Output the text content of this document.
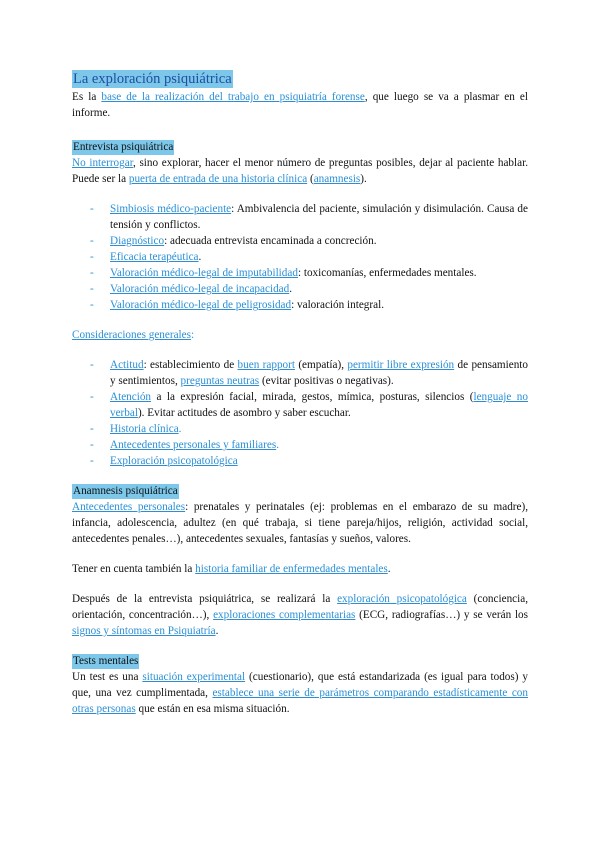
La exploración psiquiátrica

Es la base de la realización del trabajo en psiquiatría forense, que luego se va a plasmar en el informe.

Entrevista psiquiátrica

No interrogar, sino explorar, hacer el menor número de preguntas posibles, dejar al paciente hablar. Puede ser la puerta de entrada de una historia clínica (anamnesis).

- Simbiosis médico-paciente: Ambivalencia del paciente, simulación y disimulación. Causa de tensión y conflictos.
- Diagnóstico: adecuada entrevista encaminada a concreción.
- Eficacia terapéutica.
- Valoración médico-legal de imputabilidad: toxicomanías, enfermedades mentales.
- Valoración médico-legal de incapacidad.
- Valoración médico-legal de peligrosidad: valoración integral.

Consideraciones generales:

- Actitud: establecimiento de buen rapport (empatía), permitir libre expresión de pensamiento y sentimientos, preguntas neutras (evitar positivas o negativas).
- Atención a la expresión facial, mirada, gestos, mímica, posturas, silencios (lenguaje no verbal). Evitar actitudes de asombro y saber escuchar.
- Historia clínica.
- Antecedentes personales y familiares.
- Exploración psicopatológica
Anamnesis psiquiátrica

Antecedentes personales: prenatales y perinatales (ej: problemas en el embarazo de su madre), infancia, adolescencia, adultez (en qué trabaja, si tiene pareja/hijos, religión, actividad social, antecedentes penales…), antecedentes sexuales, fantasías y sueños, valores.

Tener en cuenta también la historia familiar de enfermedades mentales.

Después de la entrevista psiquiátrica, se realizará la exploración psicopatológica (conciencia, orientación, concentración…), exploraciones complementarias (ECG, radiografías…) y se verán los signos y síntomas en Psiquiatría.

Tests mentales

Un test es una situación experimental (cuestionario), que está estandarizada (es igual para todos) y que, una vez cumplimentada, establece una serie de parámetros comparando estadísticamente con otras personas que están en esa misma situación.
